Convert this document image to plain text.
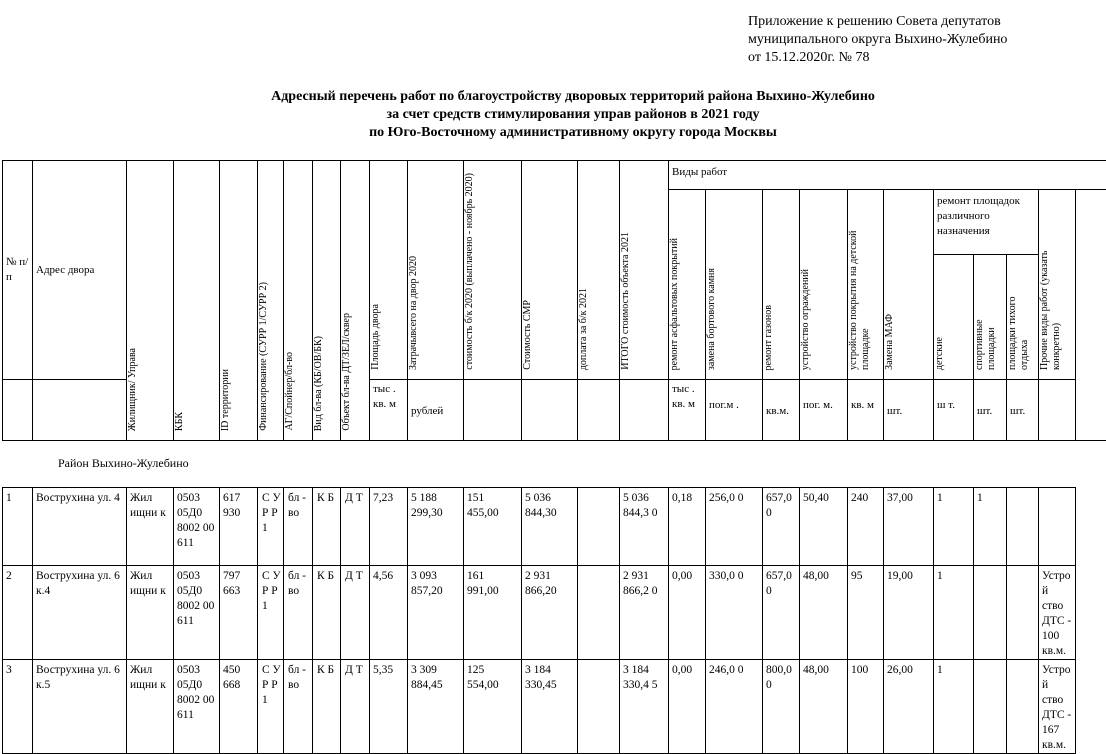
Приложение к решению Совета депутатов
муниципального округа Выхино-Жулебино
от 15.12.2020г. № 78
Адресный перечень работ по благоустройству дворовых территорий района Выхино-Жулебино
за счет средств стимулирования управ районов в 2021 году
по Юго-Восточному административному округу города Москвы
№ п/п	Адрес двора	Жилищник/ Управа	КБК	ID территории	Финансирование (СУРР 1/СУРР 2)	АГ/Спойнер/бл-во	Вид бл-ва (КБ/ОВ/БК)	Объект бл-ва ДТ/ЗЕЛ/сквер	Площадь двора	Затрачывсего на двор 2020	стоимость б/к 2020 (выплачено - ноябрь 2020)	Стоимость СМР	доплата за б/к 2021	ИТОГО стоимость объекта 2021	Виды работ									
															ремонт асфальтовых покрытий	замена бортового камня	ремонт газонов	устройство ограждений	устройство покрытия на детской площадке	Замена МАФ	ремонт площадок различного назначения			Прочие виды работ (указать конкретно)
																					детские	спортивные площадки	площадки тихого отдыха	
									тыс . кв. м	рублей					тыс . кв. м	пог.м .	кв.м.	пог. м.	кв. м	шт.	ш т.	шт.	шт.	

1	Вострухина ул. 4	Жил ищни к	0503 05Д0 8002 00 611	617 930	С У Р Р 1	бл - во	К Б	Д Т	7,23	5 188 299,30	151 455,00	5 036 844,30		5 036 844,3 0	0,18	256,0 0	657,0 0	50,40	240	37,00	1	1		
2	Вострухина ул. 6 к.4	Жил ищни к	0503 05Д0 8002 00 611	797 663	С У Р Р 1	бл - во	К Б	Д Т	4,56	3 093 857,20	161 991,00	2 931 866,20		2 931 866,2 0	0,00	330,0 0	657,0 0	48,00	95	19,00	1			Устрой ство ДТС - 100 кв.м.
3	Вострухина ул. 6 к.5	Жил ищни к	0503 05Д0 8002 00 611	450 668	С У Р Р 1	бл - во	К Б	Д Т	5,35	3 309 884,45	125 554,00	3 184 330,45		3 184 330,4 5	0,00	246,0 0	800,0 0	48,00	100	26,00	1			Устрой ство ДТС - 167 кв.м.
Район Выхино-Жулебино
